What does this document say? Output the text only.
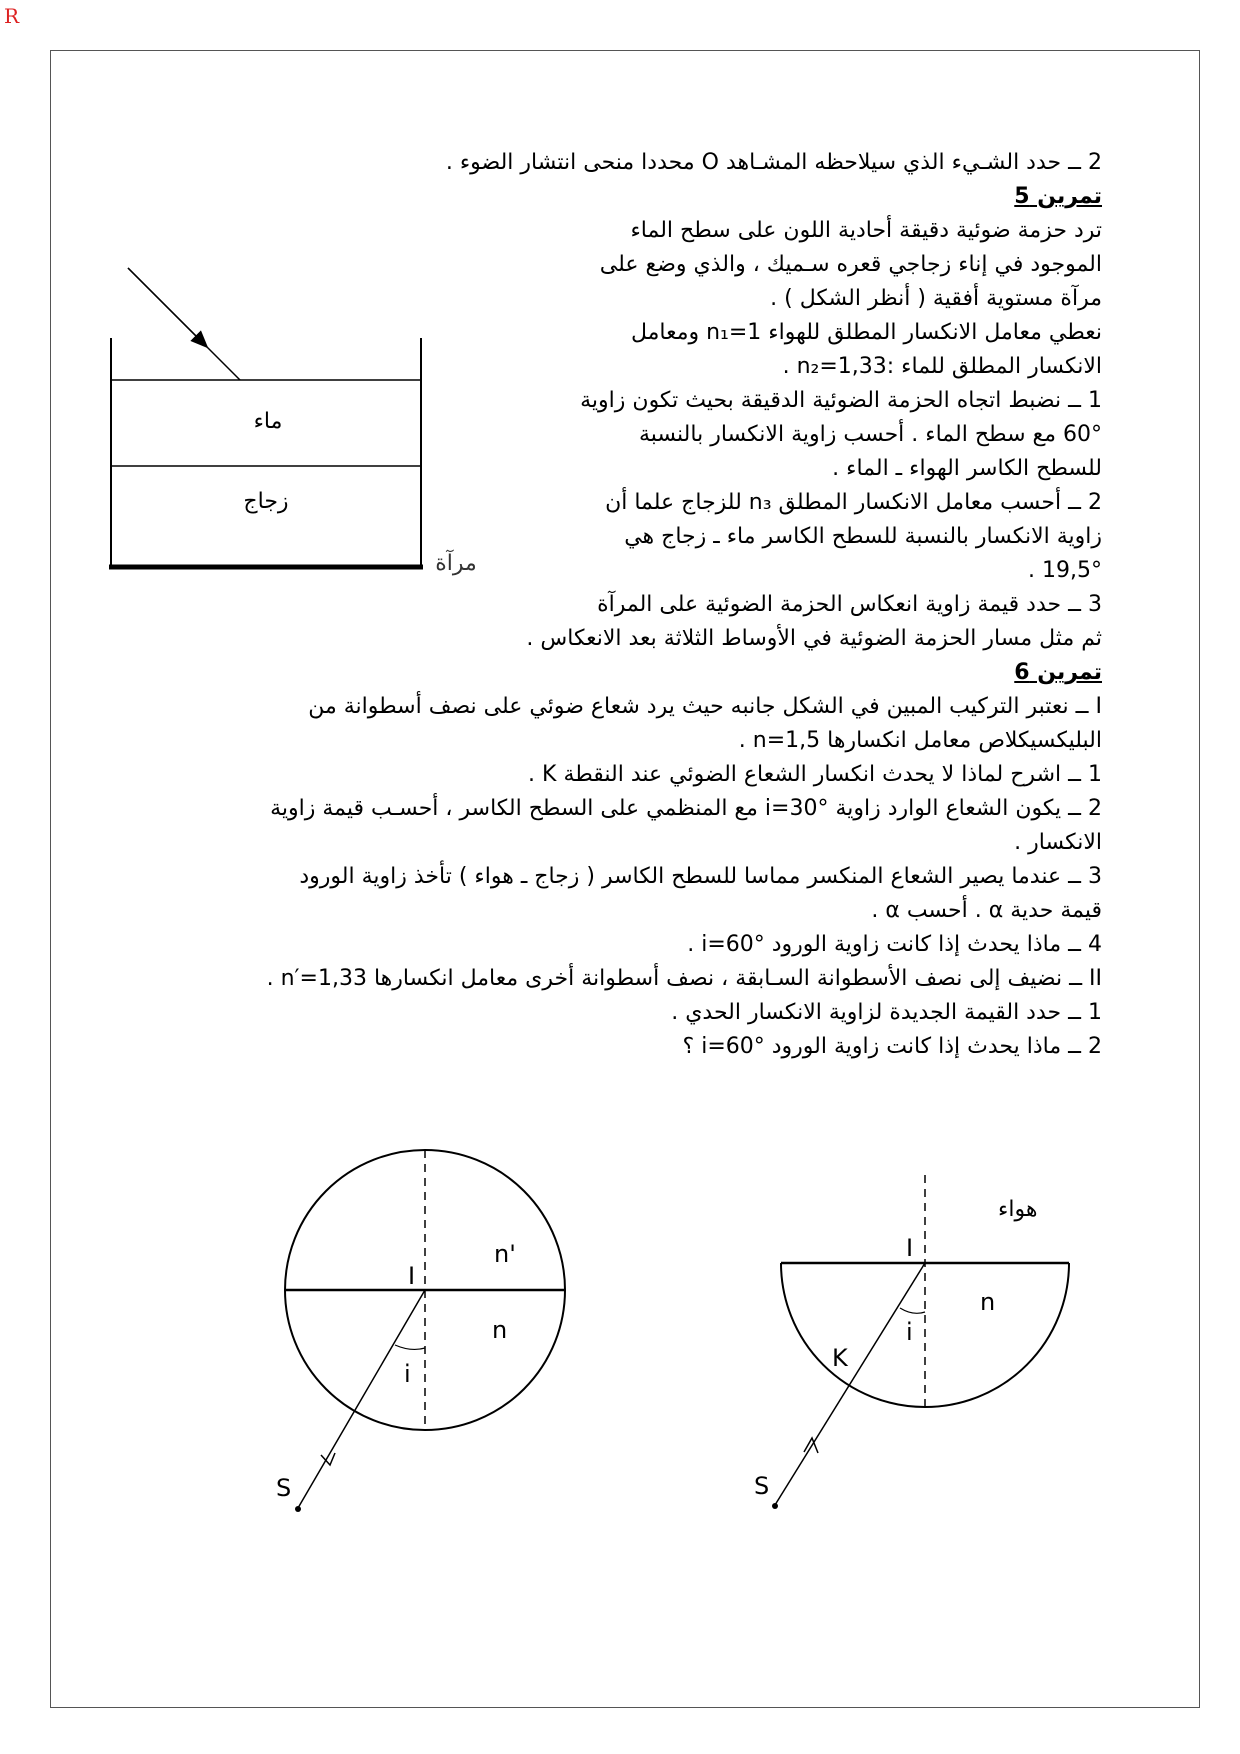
R
2 ــ حدد الشـيء الذي سيلاحظه المشـاهد O محددا منحى انتشار الضوء .
تمرين 5
ترد حزمة ضوئية دقيقة أحادية اللون على سطح الماء
الموجود في إناء زجاجي قعره سـميك ، والذي وضع على
مرآة مستوية أفقية ( أنظر الشكل ) .
نعطي معامل الانكسار المطلق للهواء n₁=1 ومعامل
الانكسار المطلق للماء :n₂=1,33 .
1 ــ نضبط اتجاه الحزمة الضوئية الدقيقة بحيث تكون زاوية
60° مع سطح الماء . أحسب زاوية الانكسار بالنسبة
للسطح الكاسر الهواء ـ الماء .
2 ــ أحسب معامل الانكسار المطلق n₃ للزجاج علما أن
زاوية الانكسار بالنسبة للسطح الكاسر ماء ـ زجاج هي
19,5° .
3 ــ حدد قيمة زاوية انعكاس الحزمة الضوئية على المرآة
ثم مثل مسار الحزمة الضوئية في الأوساط الثلاثة بعد الانعكاس .
تمرين 6
I ــ نعتبر التركيب المبين في الشكل جانبه حيث يرد شعاع ضوئي على نصف أسطوانة من
البليكسيكلاص معامل انكسارها n=1,5 .
1 ــ اشرح لماذا لا يحدث انكسار الشعاع الضوئي عند النقطة K .
2 ــ يكون الشعاع الوارد زاوية i=30° مع المنظمي على السطح الكاسر ، أحسـب قيمة زاوية
الانكسار .
3 ــ عندما يصير الشعاع المنكسر مماسا للسطح الكاسر ( زجاج ـ هواء ) تأخذ زاوية الورود
قيمة حدية α . أحسب α .
4 ــ ماذا يحدث إذا كانت زاوية الورود i=60° .
II ــ نضيف إلى نصف الأسطوانة السـابقة ، نصف أسطوانة أخرى معامل انكسارها n′=1,33 .
1 ــ حدد القيمة الجديدة لزاوية الانكسار الحدي .
2 ــ ماذا يحدث إذا كانت زاوية الورود i=60° ؟
ماء
زجاج
مرآة
I
n'
n
i
S
هواء
I
n
i
K
S
